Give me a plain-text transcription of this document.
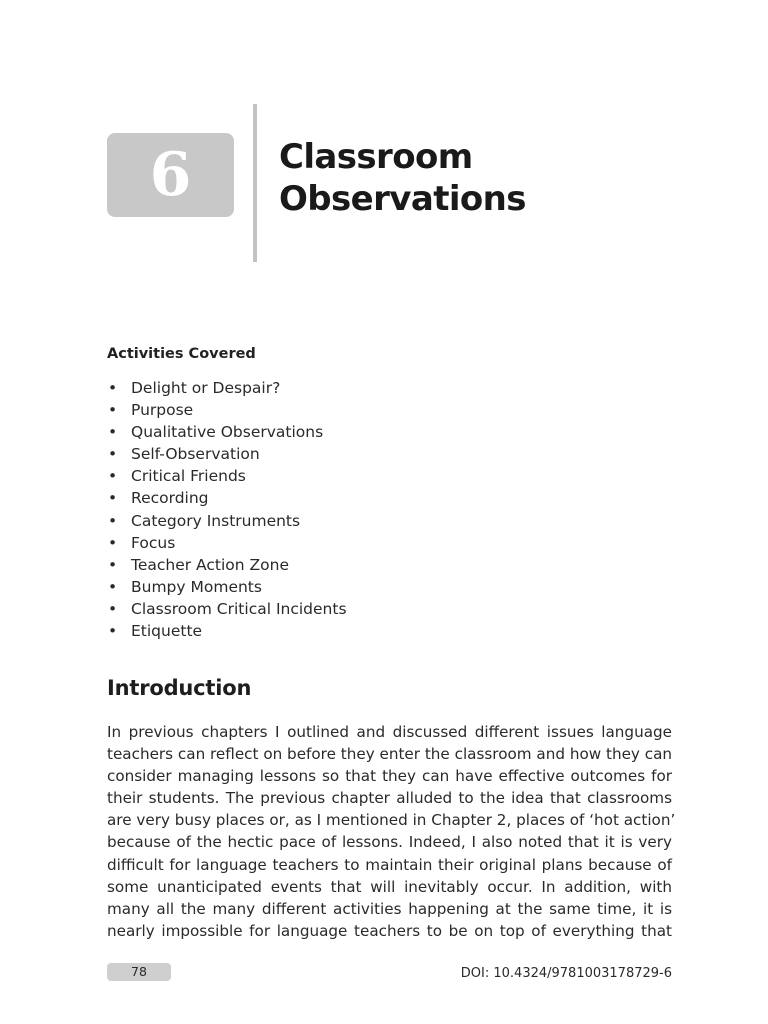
6	Classroom
Observations
Activities Covered
• Delight or Despair?
• Purpose
• Qualitative Observations
• Self-Observation
• Critical Friends
• Recording
• Category Instruments
• Focus
• Teacher Action Zone
• Bumpy Moments
• Classroom Critical Incidents
• Etiquette
Introduction

In previous chapters I outlined and discussed different issues language
teachers can reflect on before they enter the classroom and how they can
consider managing lessons so that they can have effective outcomes for
their students. The previous chapter alluded to the idea that classrooms
are very busy places or, as I mentioned in Chapter 2, places of ‘hot action’
because of the hectic pace of lessons. Indeed, I also noted that it is very
difficult for language teachers to maintain their original plans because of
some unanticipated events that will inevitably occur. In addition, with
many all the many different activities happening at the same time, it is
nearly impossible for language teachers to be on top of everything that

78	DOI: 10.4324/9781003178729-6
